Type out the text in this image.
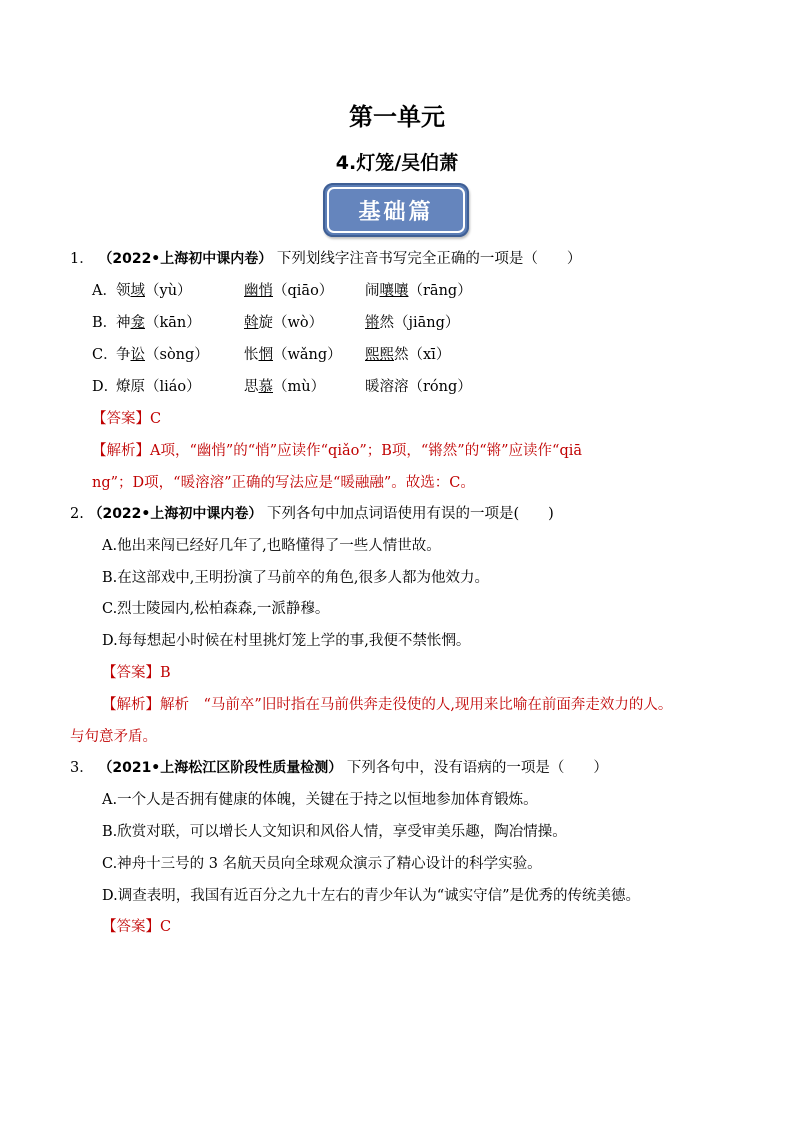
第一单元
4.灯笼/吴伯萧
基础篇
1． （2022•上海初中课内卷） 下列划线字注音书写完全正确的一项是（　　）
A． 领域（yù）	幽悄（qiāo） 闹嚷嚷（rāng）
B．
神龛（kān）	斡旋（wò）	锵然（jiāng）
C．
争讼（sòng） 怅惘（wǎng） 熙熙然（xī）
D．
燎原（liáo）	思慕（mù）	暖溶溶（róng）
【答案】C
【解析】A项，“幽悄”的“悄”应读作“qiǎo”；B项，“锵然”的“锵”应读作“qiā
ng”；D项，“暖溶溶”正确的写法应是“暖融融”。故选：C。
2. （2022•上海初中课内卷） 下列各句中加点词语使用有误的一项是(　　)
A.他出来闯已经好几年了,也略懂得了一些人情世故。
B.在这部戏中,王明扮演了马前卒的角色,很多人都为他效力。
C.烈士陵园内,松柏森森,一派静穆。
D.每每想起小时候在村里挑灯笼上学的事,我便不禁怅惘。
【答案】B
【解析】解析　“马前卒”旧时指在马前供奔走役使的人,现用来比喻在前面奔走效力的人。
与句意矛盾。
3． （2021•上海松江区阶段性质量检测） 下列各句中，没有语病的一项是（　　）
A.一个人是否拥有健康的体魄，关键在于持之以恒地参加体育锻炼。
B.欣赏对联，可以增长人文知识和风俗人情，享受审美乐趣，陶冶情操。
C.神舟十三号的 3 名航天员向全球观众演示了精心设计的科学实验。
D.调查表明，我国有近百分之九十左右的青少年认为“诚实守信”是优秀的传统美德。
【答案】C
